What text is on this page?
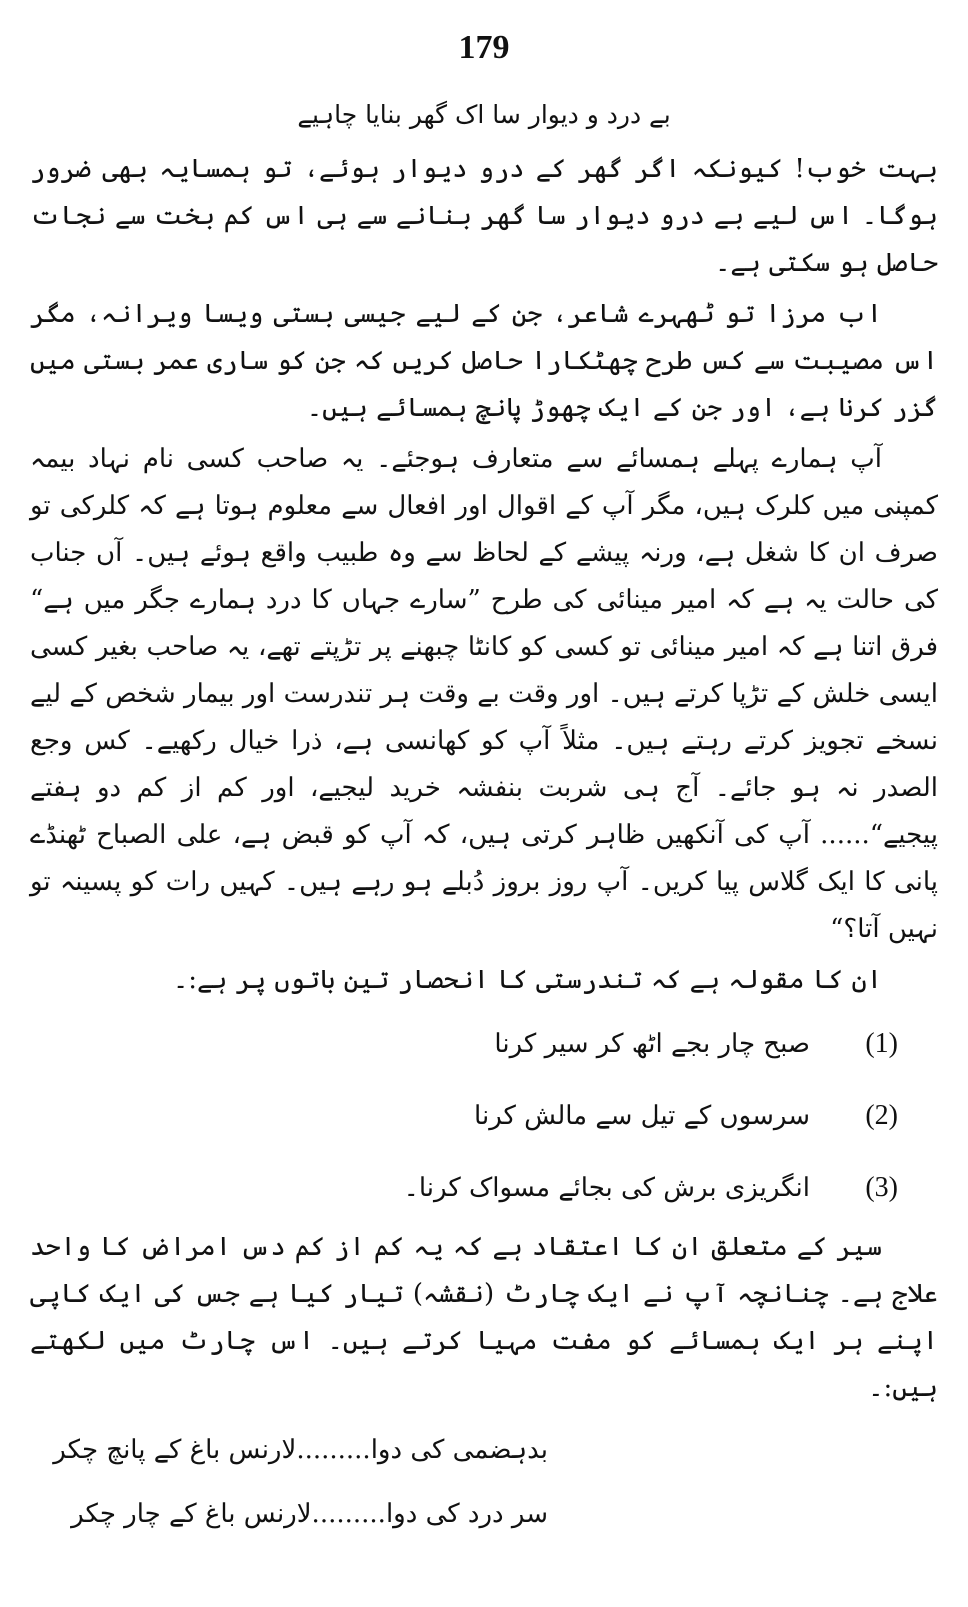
179

بے درد و دیوار سا اک گھر بنایا چاہیے

بہت خوب! کیونکہ اگر گھر کے درو دیوار ہوئے، تو ہمسایہ بھی ضرور ہوگا۔ اس لیے بے درو دیوار سا گھر بنانے سے ہی اس کم بخت سے نجات حاصل ہو سکتی ہے۔

اب مرزا تو ٹھہرے شاعر، جن کے لیے جیسی بستی ویسا ویرانہ، مگر اس مصیبت سے کس طرح چھٹکارا حاصل کریں کہ جن کو ساری عمر بستی میں گزر کرنا ہے، اور جن کے ایک چھوڑ پانچ ہمسائے ہیں۔

آپ ہمارے پہلے ہمسائے سے متعارف ہوجئے۔ یہ صاحب کسی نام نہاد بیمہ کمپنی میں کلرک ہیں، مگر آپ کے اقوال اور افعال سے معلوم ہوتا ہے کہ کلرکی تو صرف ان کا شغل ہے، ورنہ پیشے کے لحاظ سے وہ طبیب واقع ہوئے ہیں۔ آں جناب کی حالت یہ ہے کہ امیر مینائی کی طرح ”سارے جہاں کا درد ہمارے جگر میں ہے“ فرق اتنا ہے کہ امیر مینائی تو کسی کو کانٹا چبھنے پر تڑپتے تھے، یہ صاحب بغیر کسی ایسی خلش کے تڑپا کرتے ہیں۔ اور وقت بے وقت ہر تندرست اور بیمار شخص کے لیے نسخے تجویز کرتے رہتے ہیں۔ مثلاً آپ کو کھانسی ہے، ذرا خیال رکھیے۔ کس وجع الصدر نہ ہو جائے۔ آج ہی شربت بنفشہ خرید لیجیے، اور کم از کم دو ہفتے پیجیے“...... آپ کی آنکھیں ظاہر کرتی ہیں، کہ آپ کو قبض ہے، علی الصباح ٹھنڈے پانی کا ایک گلاس پیا کریں۔ آپ روز بروز دُبلے ہو رہے ہیں۔ کہیں رات کو پسینہ تو نہیں آتا؟“

ان کا مقولہ ہے کہ تندرستی کا انحصار تین باتوں پر ہے:۔

(1)
صبح چار بجے اٹھ کر سیر کرنا
(2)
سرسوں کے تیل سے مالش کرنا
(3)
انگریزی برش کی بجائے مسواک کرنا۔

سیر کے متعلق ان کا اعتقاد ہے کہ یہ کم از کم دس امراض کا واحد علاج ہے۔ چنانچہ آپ نے ایک چارٹ (نقشہ) تیار کیا ہے جس کی ایک کاپی اپنے ہر ایک ہمسائے کو مفت مہیا کرتے ہیں۔ اس چارٹ میں لکھتے ہیں:۔

بدہضمی کی دوا.........لارنس باغ کے پانچ چکر
سر درد کی دوا.........لارنس باغ کے چار چکر
